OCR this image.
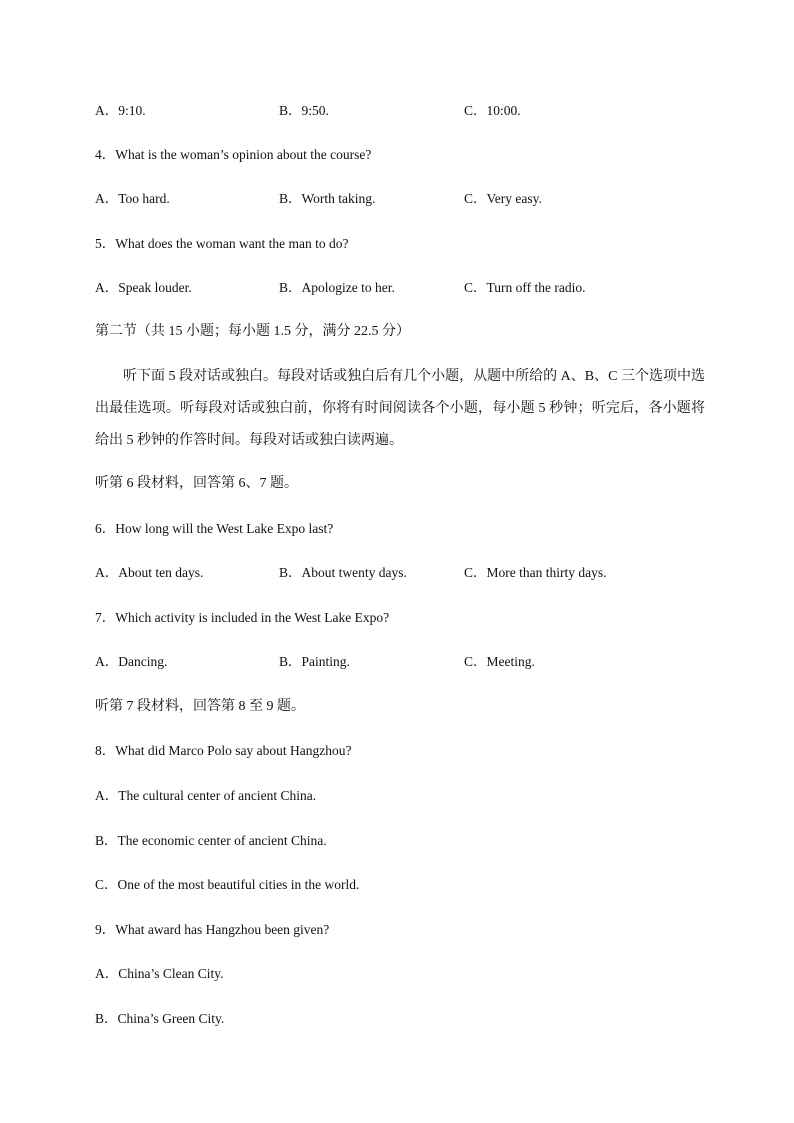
A．9:10.	B．9:50.	C．10:00.
4．What is the woman’s opinion about the course?
A．Too hard.	B．Worth taking.	C．Very easy.
5．What does the woman want the man to do?
A．Speak louder.	B．Apologize to her.	C．Turn off the radio.
第二节（共 15 小题；每小题 1.5 分，满分 22.5 分）
听下面 5 段对话或独白。每段对话或独白后有几个小题，从题中所给的 A、B、C 三个选项中选出最佳选项。听每段对话或独白前，你将有时间阅读各个小题，每小题 5 秒钟；听完后，各小题将给出 5 秒钟的作答时间。每段对话或独白读两遍。
听第 6 段材料，回答第 6、7 题。
6．How long will the West Lake Expo last?
A．About ten days.	B．About twenty days.	C．More than thirty days.
7．Which activity is included in the West Lake Expo?
A．Dancing.	B．Painting.	C．Meeting.
听第 7 段材料，回答第 8 至 9 题。
8．What did Marco Polo say about Hangzhou?
A．The cultural center of ancient China.
B．The economic center of ancient China.
C．One of the most beautiful cities in the world.
9．What award has Hangzhou been given?
A．China’s Clean City.
B．China’s Green City.
